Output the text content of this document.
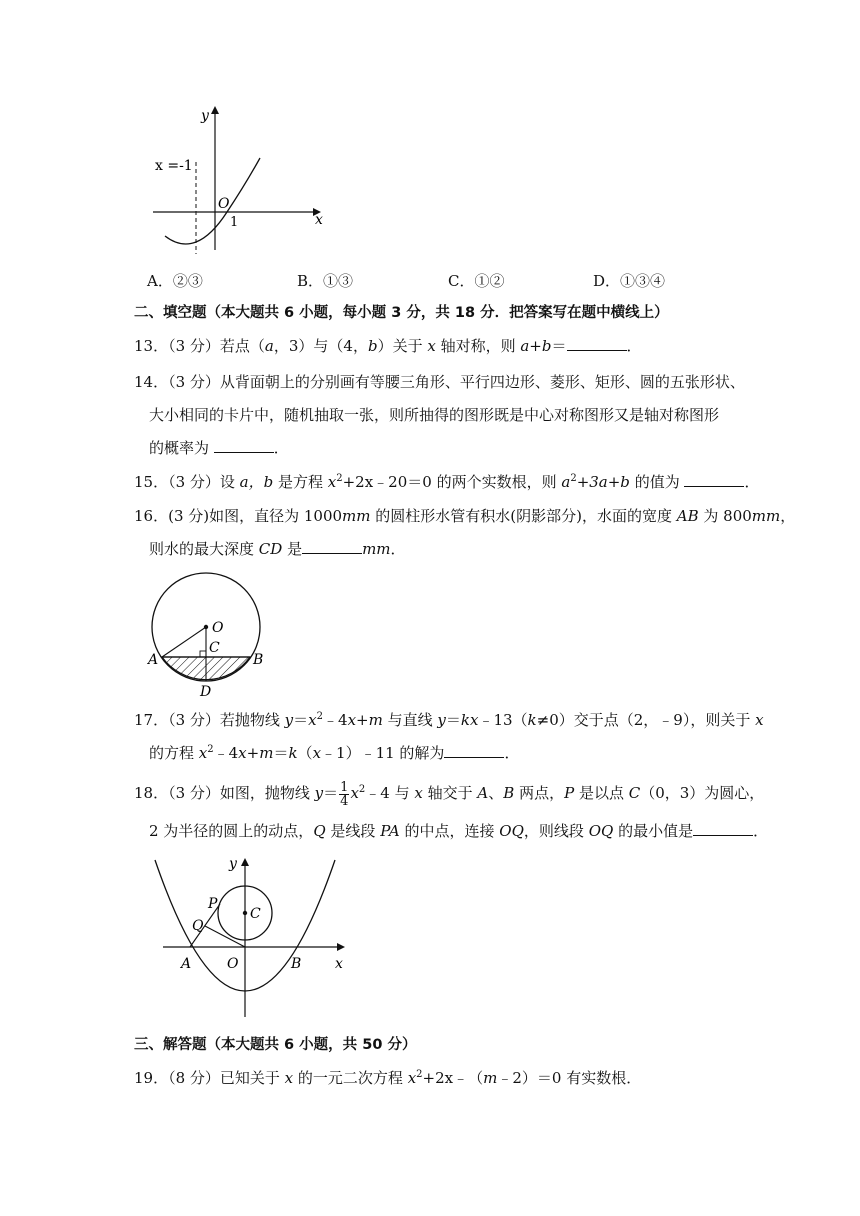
y
x
x =-1
O
1
A．②③	B．①③	C．①②	D．①③④
二、填空题（本大题共 6 小题，每小题 3 分，共 18 分．把答案写在题中横线上）
13．（3 分）若点（a，3）与（4，b）关于 x 轴对称，则 a+b＝	．
14．（3 分）从背面朝上的分别画有等腰三角形、平行四边形、菱形、矩形、圆的五张形状、
大小相同的卡片中，随机抽取一张，则所抽得的图形既是中心对称图形又是轴对称图形
的概率为	．
15．（3 分）设 a，b 是方程 $x^2+2x﹣20=0$ 的两个实数根，则 $a^2+3a+b$ 的值为	．
16．(3 分)如图，直径为 1000mm 的圆柱形水管有积水(阴影部分)，水面的宽度 AB 为 800mm，
则水的最大深度 CD 是	mm．
O
C
A	B
D
17．（3 分）若抛物线 $y=x^2﹣4x+m$ 与直线 y＝kx﹣13（k≠0）交于点（2，﹣9），则关于 x
的方程 $x^2﹣4x+m=k(x﹣1)﹣11$ 的解为	．
18．（3 分）如图，抛物线 $y= \frac{1}{4}$ $x^2﹣4$ 与 x 轴交于 A、B 两点，P 是以点 C（0，3）为圆心，
2 为半径的圆上的动点，Q 是线段 PA 的中点，连接 OQ，则线段 OQ 的最小值是	．
y
x
P
C
Q
A	O	B
三、解答题（本大题共 6 小题，共 50 分）
19．（8 分）已知关于 x 的一元二次方程 $x^2+2x﹣(m﹣2)=0$ 有实数根．
